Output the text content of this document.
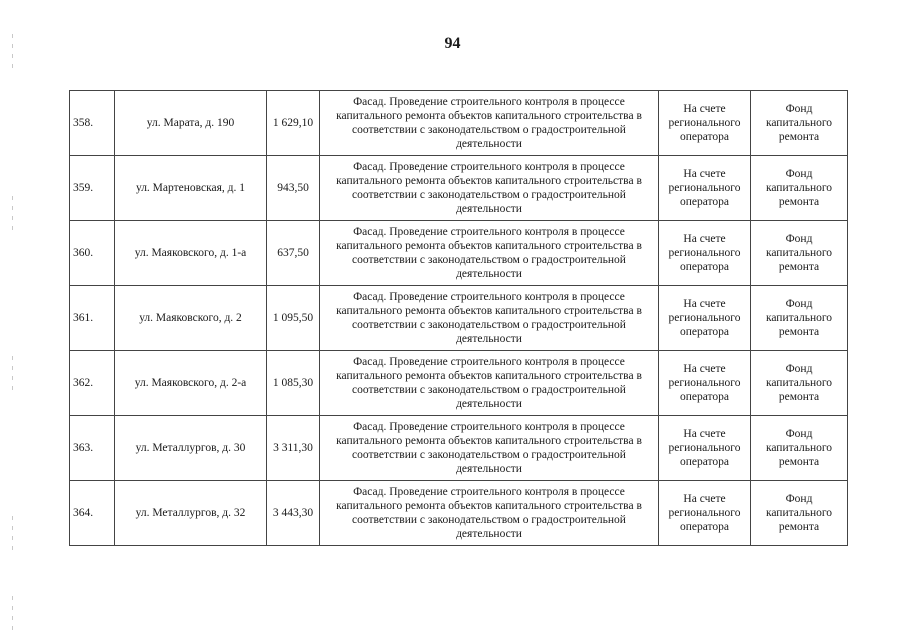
94
358.	ул. Марата, д. 190	1 629,10	Фасад. Проведение строительного контроля в процессе капитального ремонта объектов капитального строительства в соответствии с законодательством о градостроительной деятельности	На счете регионального оператора	Фонд капитального ремонта
359.	ул. Мартеновская, д. 1	943,50	Фасад. Проведение строительного контроля в процессе капитального ремонта объектов капитального строительства в соответствии с законодательством о градостроительной деятельности	На счете регионального оператора	Фонд капитального ремонта
360.	ул. Маяковского, д. 1-а	637,50	Фасад. Проведение строительного контроля в процессе капитального ремонта объектов капитального строительства в соответствии с законодательством о градостроительной деятельности	На счете регионального оператора	Фонд капитального ремонта
361.	ул. Маяковского, д. 2	1 095,50	Фасад. Проведение строительного контроля в процессе капитального ремонта объектов капитального строительства в соответствии с законодательством о градостроительной деятельности	На счете регионального оператора	Фонд капитального ремонта
362.	ул. Маяковского, д. 2-а	1 085,30	Фасад. Проведение строительного контроля в процессе капитального ремонта объектов капитального строительства в соответствии с законодательством о градостроительной деятельности	На счете регионального оператора	Фонд капитального ремонта
363.	ул. Металлургов, д. 30	3 311,30	Фасад. Проведение строительного контроля в процессе капитального ремонта объектов капитального строительства в соответствии с законодательством о градостроительной деятельности	На счете регионального оператора	Фонд капитального ремонта
364.	ул. Металлургов, д. 32	3 443,30	Фасад. Проведение строительного контроля в процессе капитального ремонта объектов капитального строительства в соответствии с законодательством о градостроительной деятельности	На счете регионального оператора	Фонд капитального ремонта
